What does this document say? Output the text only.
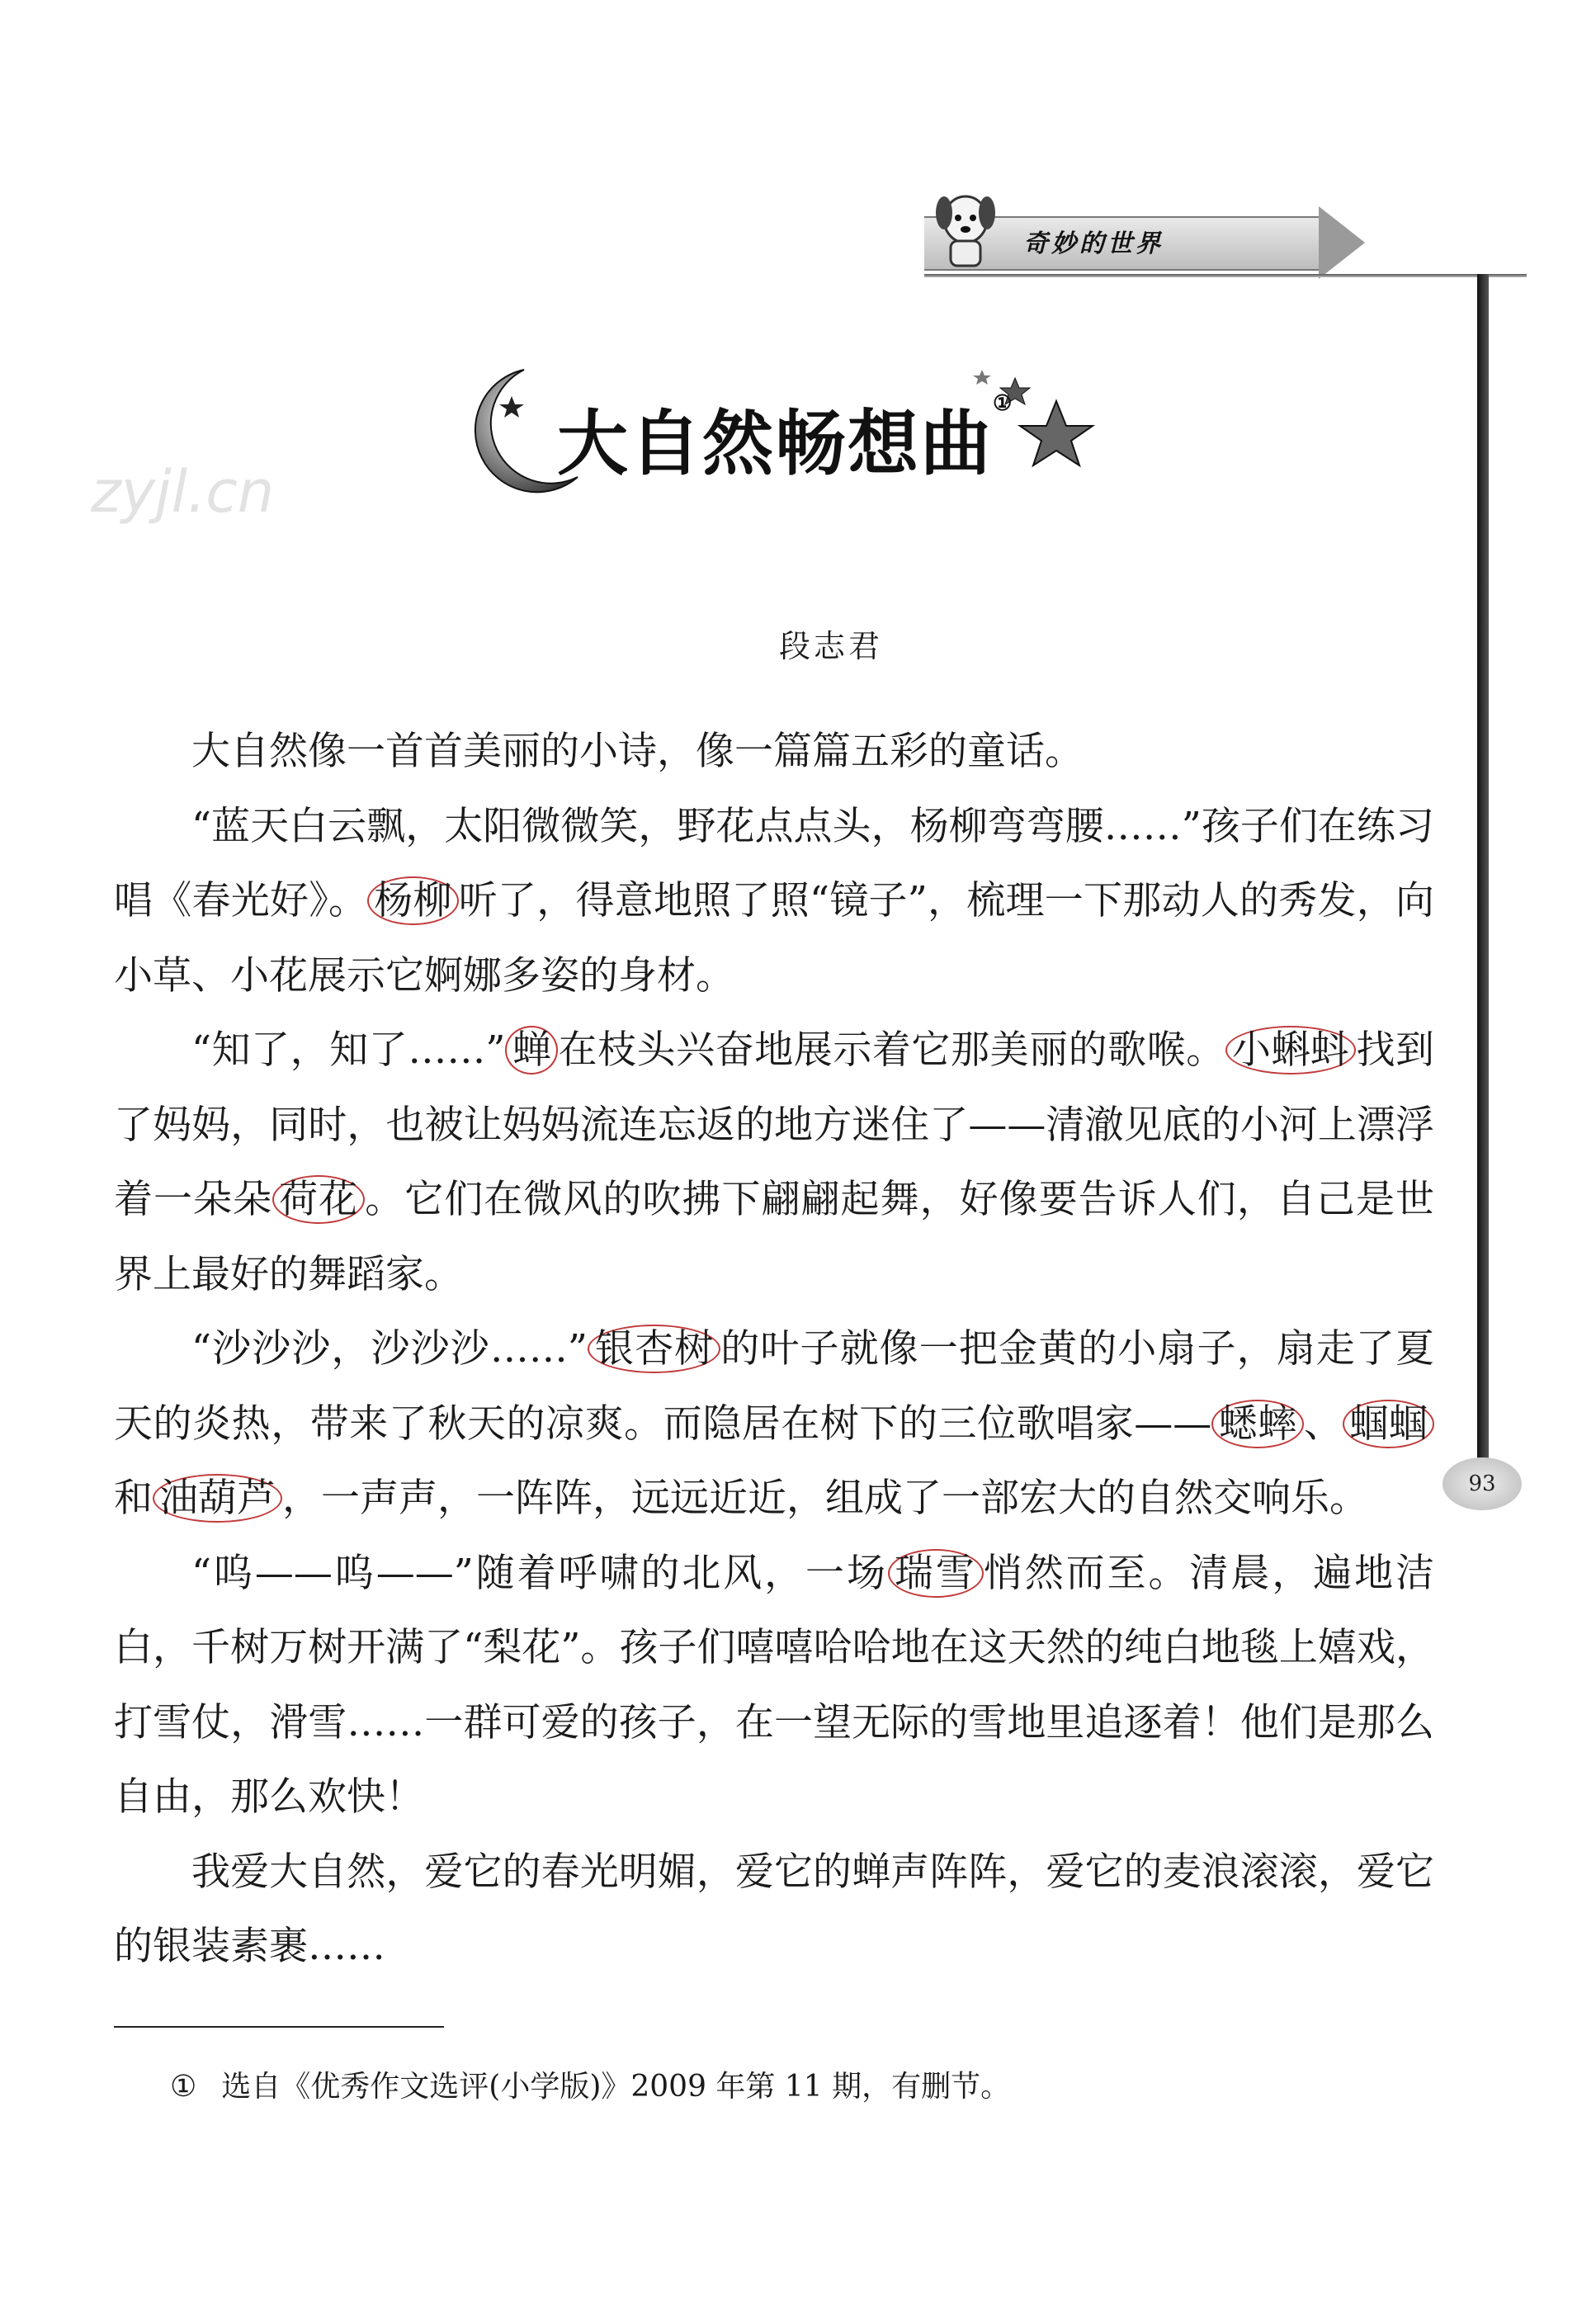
奇妙的世界
93
大自然畅想曲①
zyjl.cn
段志君

大自然像一首首美丽的小诗，像一篇篇五彩的童话。

“蓝天白云飘，太阳微微笑，野花点点头，杨柳弯弯腰……”孩子们在练习唱《春光好》。 杨柳 听了，得意地照了照“镜子”，梳理一下那动人的秀发，向小草、小花展示它婀娜多姿的身材。

“知了，知了……” 蝉 在枝头兴奋地展示着它那美丽的歌喉。 小蝌蚪 找到了妈妈，同时，也被让妈妈流连忘返的地方迷住了——清澈见底的小河上漂浮着一朵朵 荷花 。它们在微风的吹拂下翩翩起舞，好像要告诉人们，自己是世界上最好的舞蹈家。

“沙沙沙，沙沙沙……” 银杏树 的叶子就像一把金黄的小扇子，扇走了夏天的炎热，带来了秋天的凉爽。而隐居在树下的三位歌唱家—— 蟋蟀 、 蝈蝈和 油葫芦 ，一声声，一阵阵，远远近近，组成了一部宏大的自然交响乐。

“呜——呜——”随着呼啸的北风，一场 瑞雪 悄然而至。清晨，遍地洁白，千树万树开满了“梨花”。孩子们嘻嘻哈哈地在这天然的纯白地毯上嬉戏，打雪仗，滑雪……一群可爱的孩子，在一望无际的雪地里追逐着！他们是那么自由，那么欢快！

我爱大自然，爱它的春光明媚，爱它的蝉声阵阵，爱它的麦浪滚滚，爱它的银装素裹……

① 选自《优秀作文选评(小学版)》2009 年第 11 期，有删节。
